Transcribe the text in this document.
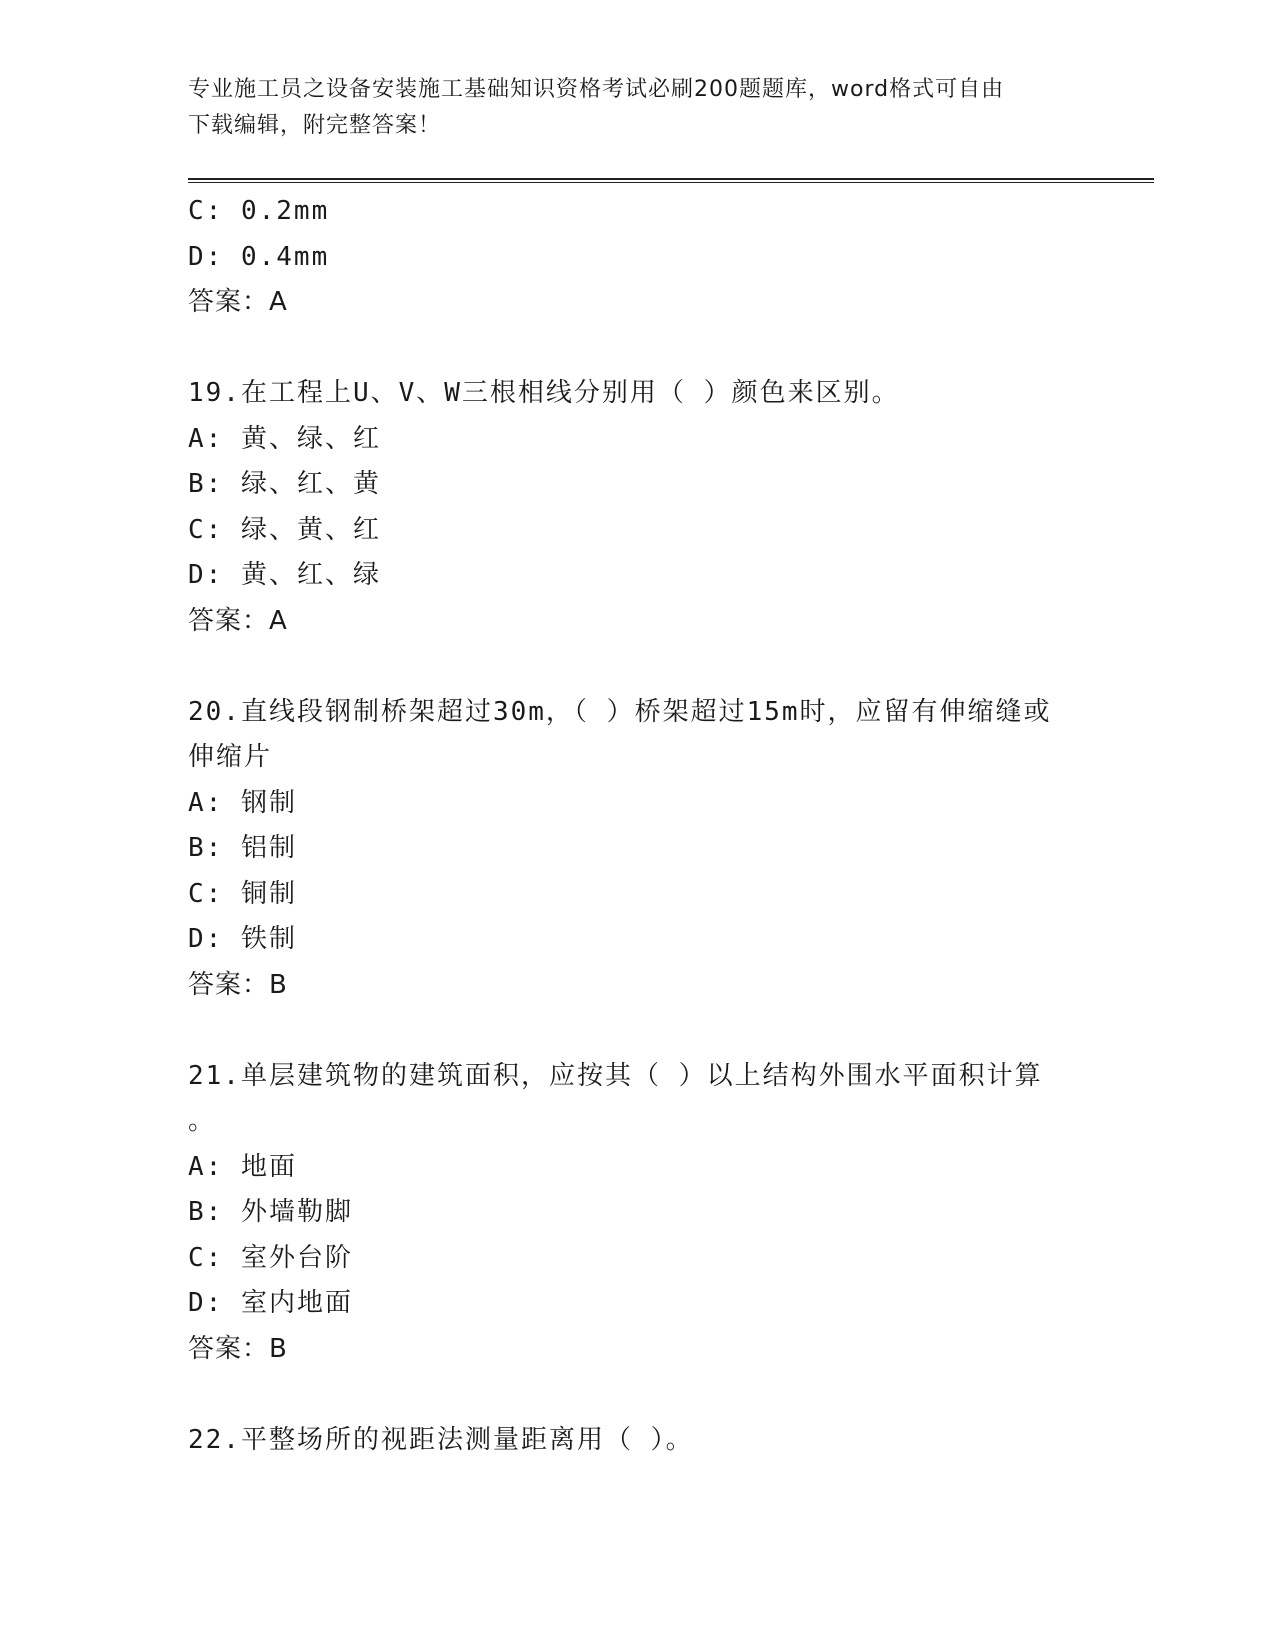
专业施工员之设备安装施工基础知识资格考试必刷200题题库，word格式可自由
下载编辑，附完整答案！
C: 0.2mm
D: 0.4mm
答案：A
19.在工程上U、V、W三根相线分别用（ ）颜色来区别。
A: 黄、绿、红
B: 绿、红、黄
C: 绿、黄、红
D: 黄、红、绿
答案：A
20.直线段钢制桥架超过30m，（ ）桥架超过15m时，应留有伸缩缝或
伸缩片
A: 钢制
B: 铝制
C: 铜制
D: 铁制
答案：B
21.单层建筑物的建筑面积，应按其（ ）以上结构外围水平面积计算
。
A: 地面
B: 外墙勒脚
C: 室外台阶
D: 室内地面
答案：B
22.平整场所的视距法测量距离用（ ）。
